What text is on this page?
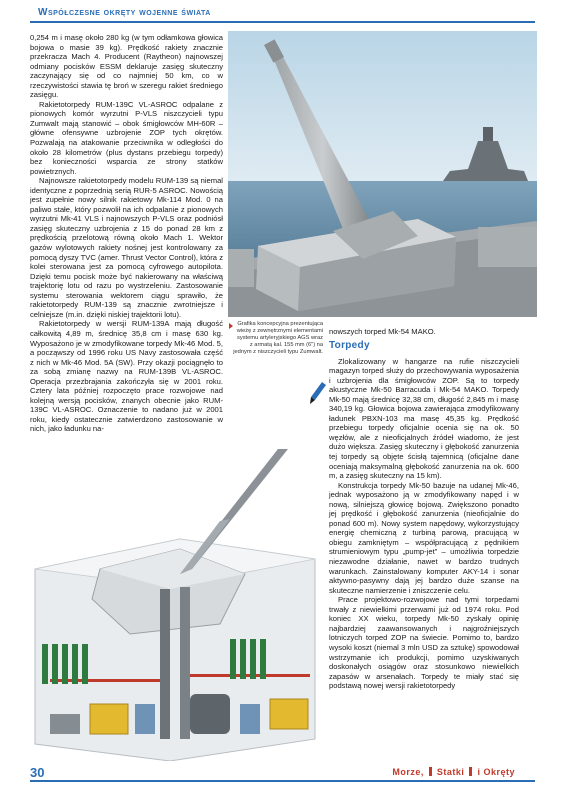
Współczesne okręty wojenne świata

0,254 m i masę około 280 kg (w tym odłamkowa głowica bojowa o masie 39 kg). Prędkość rakiety znacznie przekracza Mach 4. Producent (Raytheon) najnowszej odmiany pocisków ESSM deklaruje zasięg skuteczny zaczynający się od co najmniej 50 km, co w rzeczywistości stawia tę broń w szeregu rakiet średniego zasięgu.

Rakietotorpedy RUM-139C VL-ASROC odpalane z pionowych komór wyrzutni P-VLS niszczycieli typu Zumwalt mają stanowić – obok śmigłowców MH-60R – główne ofensywne uzbrojenie ZOP tych okrętów. Pozwalają na atakowanie przeciwnika w odległości do około 28 kilometrów (plus dystans przebiegu torpedy) bez konieczności wsparcia ze strony statków powietrznych.

Najnowsze rakietotorpedy modelu RUM-139 są niemal identyczne z poprzednią serią RUR-5 ASROC. Nowością jest zupełnie nowy silnik rakietowy Mk-114 Mod. 0 na paliwo stałe, który pozwolił na ich odpalanie z pionowych wyrzutni Mk-41 VLS i najnowszych P-VLS oraz podniósł zasięg skuteczny uzbrojenia z 15 do ponad 28 km z prędkością przelotową równą około Mach 1. Wektor gazów wylotowych rakiety nośnej jest kontrolowany za pomocą dyszy TVC (amer. Thrust Vector Control), która z kolei sterowana jest za pomocą cyfrowego autopilota. Dzięki temu pocisk może być nakierowany na właściwą trajektorię lotu od razu po wystrzeleniu. Zastosowanie systemu sterowania wektorem ciągu sprawiło, że rakietotorpedy RUM-139 są znacznie zwrotniejsze i celniejsze (m.in. dzięki niskiej trajektorii lotu).

Rakietotorpedy w wersji RUM-139A mają długość całkowitą 4,89 m, średnicę 35,8 cm i masę 630 kg. Wyposażono je w zmodyfikowane torpedy Mk-46 Mod. 5, a począwszy od 1996 roku US Navy zastosowała część z nich w Mk-46 Mod. 5A (SW). Przy okazji pociągnęło to za sobą zmianę nazwy na RUM-139B VL-ASROC. Operacja przezbrajania zakończyła się w 2001 roku. Cztery lata później rozpoczęto prace rozwojowe nad kolejną wersją pocisków, znanych obecnie jako RUM-139C VL-ASROC. Oznaczenie to nadano już w 2001 roku, kiedy ostatecznie zatwierdzono zastosowanie w nich, jako ładunku na-

Grafika koncepcyjna prezentująca wieżę z zewnętrznymi elementami systemu artyleryjskiego AGS wraz z armatą kal. 155 mm (6") na jednym z niszczycieli typu Zumwalt.

nowszych torped Mk-54 MAKO.

Torpedy

Zlokalizowany w hangarze na rufie niszczycieli magazyn torped służy do przechowywania wyposażenia i uzbrojenia dla śmigłowców ZOP. Są to torpedy akustyczne Mk-50 Barracuda i Mk-54 MAKO. Torpedy Mk-50 mają średnicę 32,38 cm, długość 2,845 m i masę 340,19 kg. Głowica bojowa zawierająca zmodyfikowany ładunek PBXN-103 ma masę 45,35 kg. Prędkość przebiegu torpedy oficjalnie ocenia się na ok. 50 węzłów, ale z nieoficjalnych źródeł wiadomo, że jest dużo większa. Zasięg skuteczny i głębokość zanurzenia tej torpedy są objęte ścisłą tajemnicą (oficjalne dane oceniają maksymalną głębokość zanurzenia na ok. 600 m, a zasięg skuteczny na 15 km).

Konstrukcja torpedy Mk-50 bazuje na udanej Mk-46, jednak wyposażono ją w zmodyfikowany napęd i w nową, silniejszą głowicę bojową. Zwiększono ponadto jej prędkość i głębokość zanurzenia (nieoficjalnie do ponad 600 m). Nowy system napędowy, wykorzystujący energię chemiczną z turbiną parową, pracującą w obiegu zamkniętym – współpracującą z pędnikiem strumieniowym typu „pump-jet” – umożliwia torpedzie niezawodne działanie, nawet w bardzo trudnych warunkach. Zainstalowany komputer AKY-14 i sonar aktywno-pasywny dają jej bardzo duże szanse na skuteczne namierzenie i zniszczenie celu.

Prace projektowo-rozwojowe nad tymi torpedami trwały z niewielkimi przerwami już od 1974 roku. Pod koniec XX wieku, torpedy Mk-50 zyskały opinię najbardziej zaawansowanych i najgroźniejszych lotniczych torped ZOP na świecie. Pomimo to, bardzo wysoki koszt (niemal 3 mln USD za sztukę) spowodował wstrzymanie ich produkcji, pomimo uzyskiwanych doskonałych osiągów oraz stosunkowo niewielkich zapasów w arsenałach. Torpedy te miały stać się podstawą nowej wersji rakietotorpedy

30	Morze, Statki i Okręty
